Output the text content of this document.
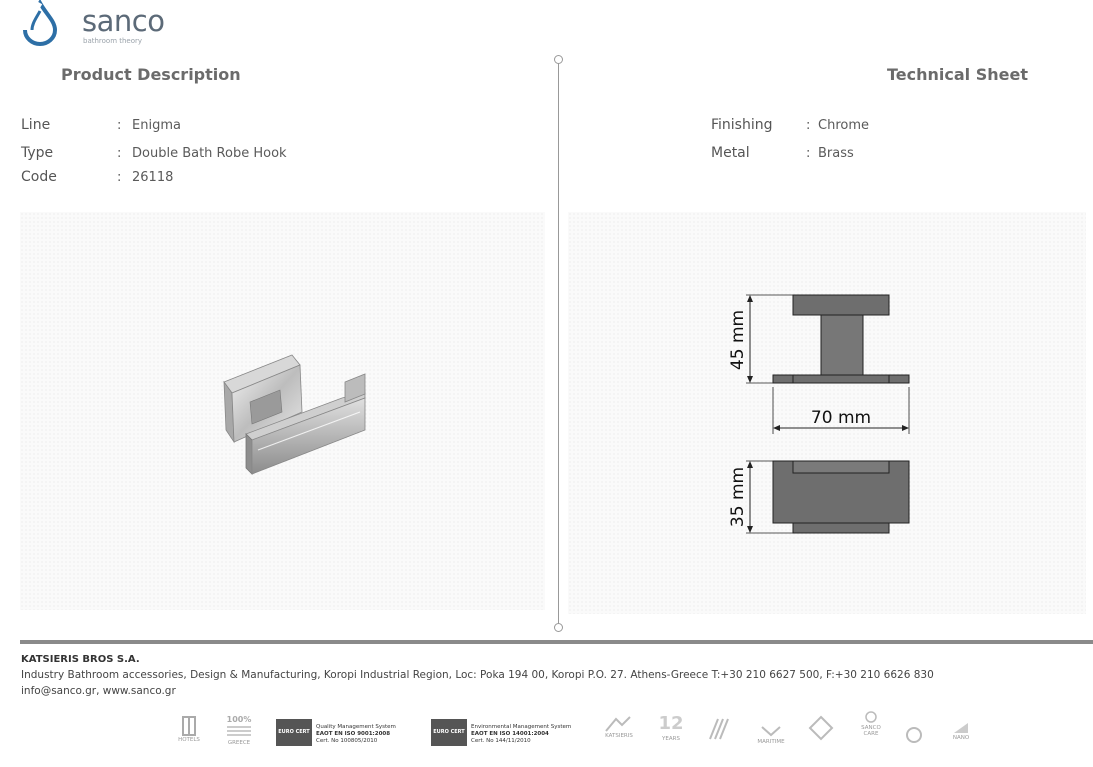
sanco
bathroom theory
Product Description	Technical Sheet
Line	: Enigma
Type	: Double Bath Robe Hook
Code	: 26118
Finishing	: Chrome
Metal	: Brass
45 mm
70 mm
35 mm
KATSIERIS BROS S.A.
Industry Bathroom accessories, Design & Manufacturing, Koropi Industrial Region, Loc: Poka 194 00, Koropi P.O. 27. Athens-Greece T:+30 210 6627 500, F:+30 210 6626 830
info@sanco.gr, www.sanco.gr
HOTELS
100%
GREECE
EURO CERT
Quality Management System
EAOT EN ISO 9001:2008
Cert. No 100805/2010
EURO CERT
Environmental Management System
EAOT EN ISO 14001:2004
Cert. No 144/11/2010
KATSIERIS
12
YEARS	MARITIME
SANCO CARE
NANO
